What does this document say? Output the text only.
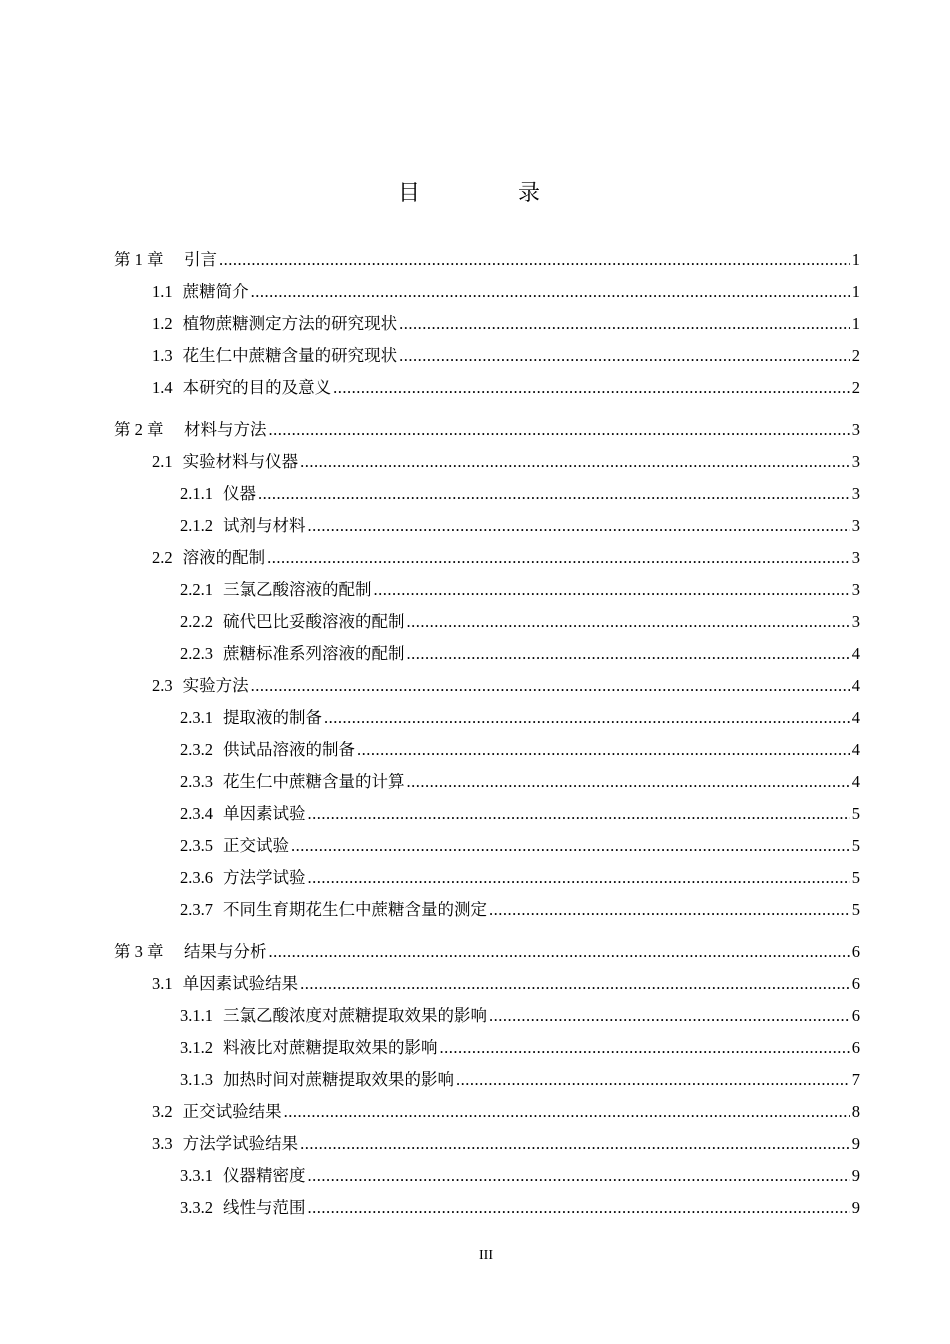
目　录
第 1 章 　引言 .....	1
1.1 蔗糖简介 .....	1
1.2 植物蔗糖测定方法的研究现状 .....	1
1.3 花生仁中蔗糖含量的研究现状 .....	2
1.4 本研究的目的及意义 .....	2
第 2 章 　材料与方法 .....	3
2.1 实验材料与仪器 .....	3
2.1.1 仪器 .....	3
2.1.2 试剂与材料 .....	3
2.2 溶液的配制 .....	3
2.2.1 三氯乙酸溶液的配制 .....	3
2.2.2 硫代巴比妥酸溶液的配制 .....	3
2.2.3 蔗糖标准系列溶液的配制 .....	4
2.3 实验方法 .....	4
2.3.1 提取液的制备 .....	4
2.3.2 供试品溶液的制备 .....	4
2.3.3 花生仁中蔗糖含量的计算 .....	4
2.3.4 单因素试验 .....	5
2.3.5 正交试验 .....	5
2.3.6 方法学试验 .....	5
2.3.7 不同生育期花生仁中蔗糖含量的测定 .....	5
第 3 章 　结果与分析 .....	6
3.1 单因素试验结果 .....	6
3.1.1 三氯乙酸浓度对蔗糖提取效果的影响 .....	6
3.1.2 料液比对蔗糖提取效果的影响 .....	6
3.1.3 加热时间对蔗糖提取效果的影响 .....	7
3.2 正交试验结果 .....	8
3.3 方法学试验结果 .....	9
3.3.1 仪器精密度 .....	9
3.3.2 线性与范围 .....	9
III
